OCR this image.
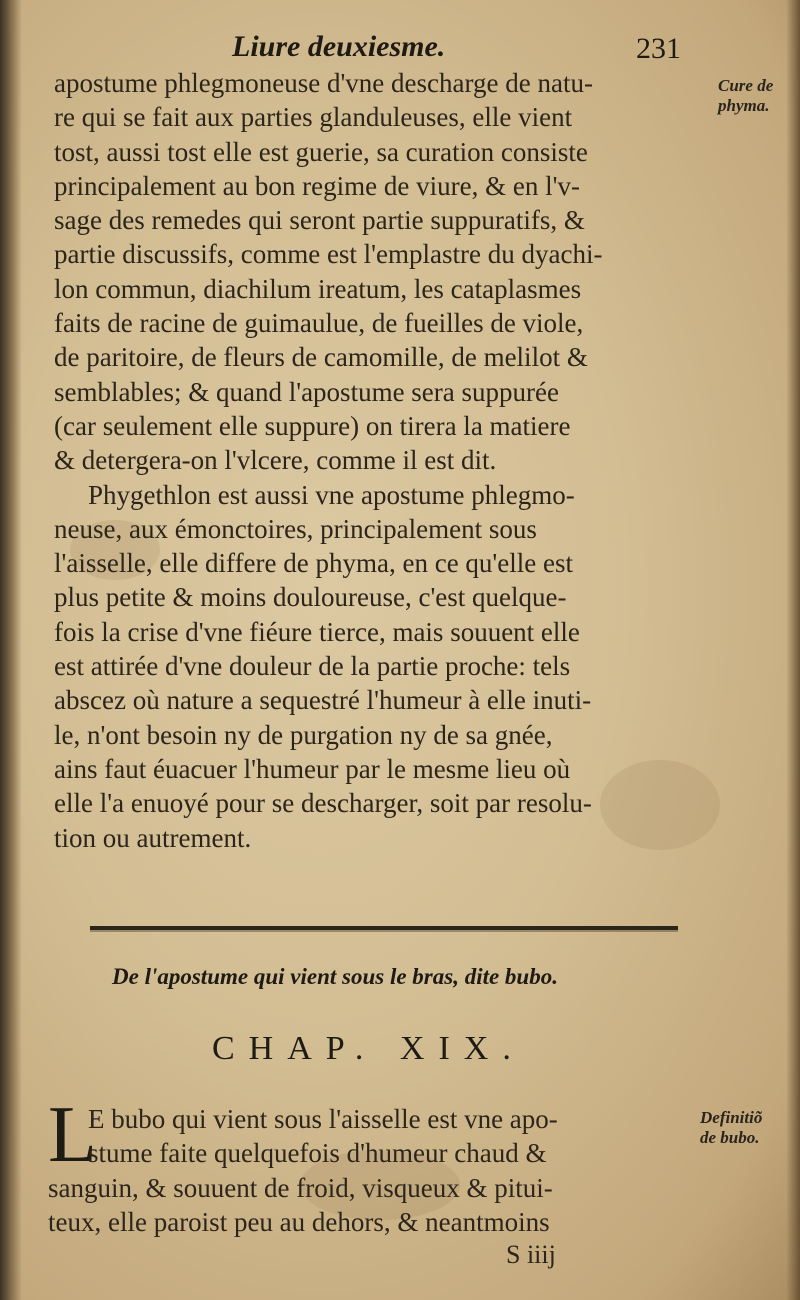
Liure deuxiesme.	231
Cure de
phyma.
apostume phlegmoneuse d'vne descharge de natu-
re qui se fait aux parties glanduleuses, elle vient
tost, aussi tost elle est guerie, sa curation consiste
principalement au bon regime de viure, & en l'v-
sage des remedes qui seront partie suppuratifs, &
partie discussifs, comme est l'emplastre du dyachi-
lon commun, diachilum ireatum, les cataplasmes
faits de racine de guimaulue, de fueilles de viole,
de paritoire, de fleurs de camomille, de melilot &
semblables; & quand l'apostume sera suppurée
(car seulement elle suppure) on tirera la matiere
& detergera-on l'vlcere, comme il est dit.
Phygethlon est aussi vne apostume phlegmo-
neuse, aux émonctoires, principalement sous
l'aisselle, elle differe de phyma, en ce qu'elle est
plus petite & moins douloureuse, c'est quelque-
fois la crise d'vne fiéure tierce, mais souuent elle
est attirée d'vne douleur de la partie proche: tels
abscez où nature a sequestré l'humeur à elle inuti-
le, n'ont besoin ny de purgation ny de sa gnée,
ains faut éuacuer l'humeur par le mesme lieu où
elle l'a enuoyé pour se descharger, soit par resolu-
tion ou autrement.
De l'apostume qui vient sous le bras, dite bubo.
CHAP. XIX.
L	Definitiõ
de bubo.
E bubo qui vient sous l'aisselle est vne apo-
stume faite quelquefois d'humeur chaud &
sanguin, & souuent de froid, visqueux & pitui-
teux, elle paroist peu au dehors, & neantmoins
S iiij
